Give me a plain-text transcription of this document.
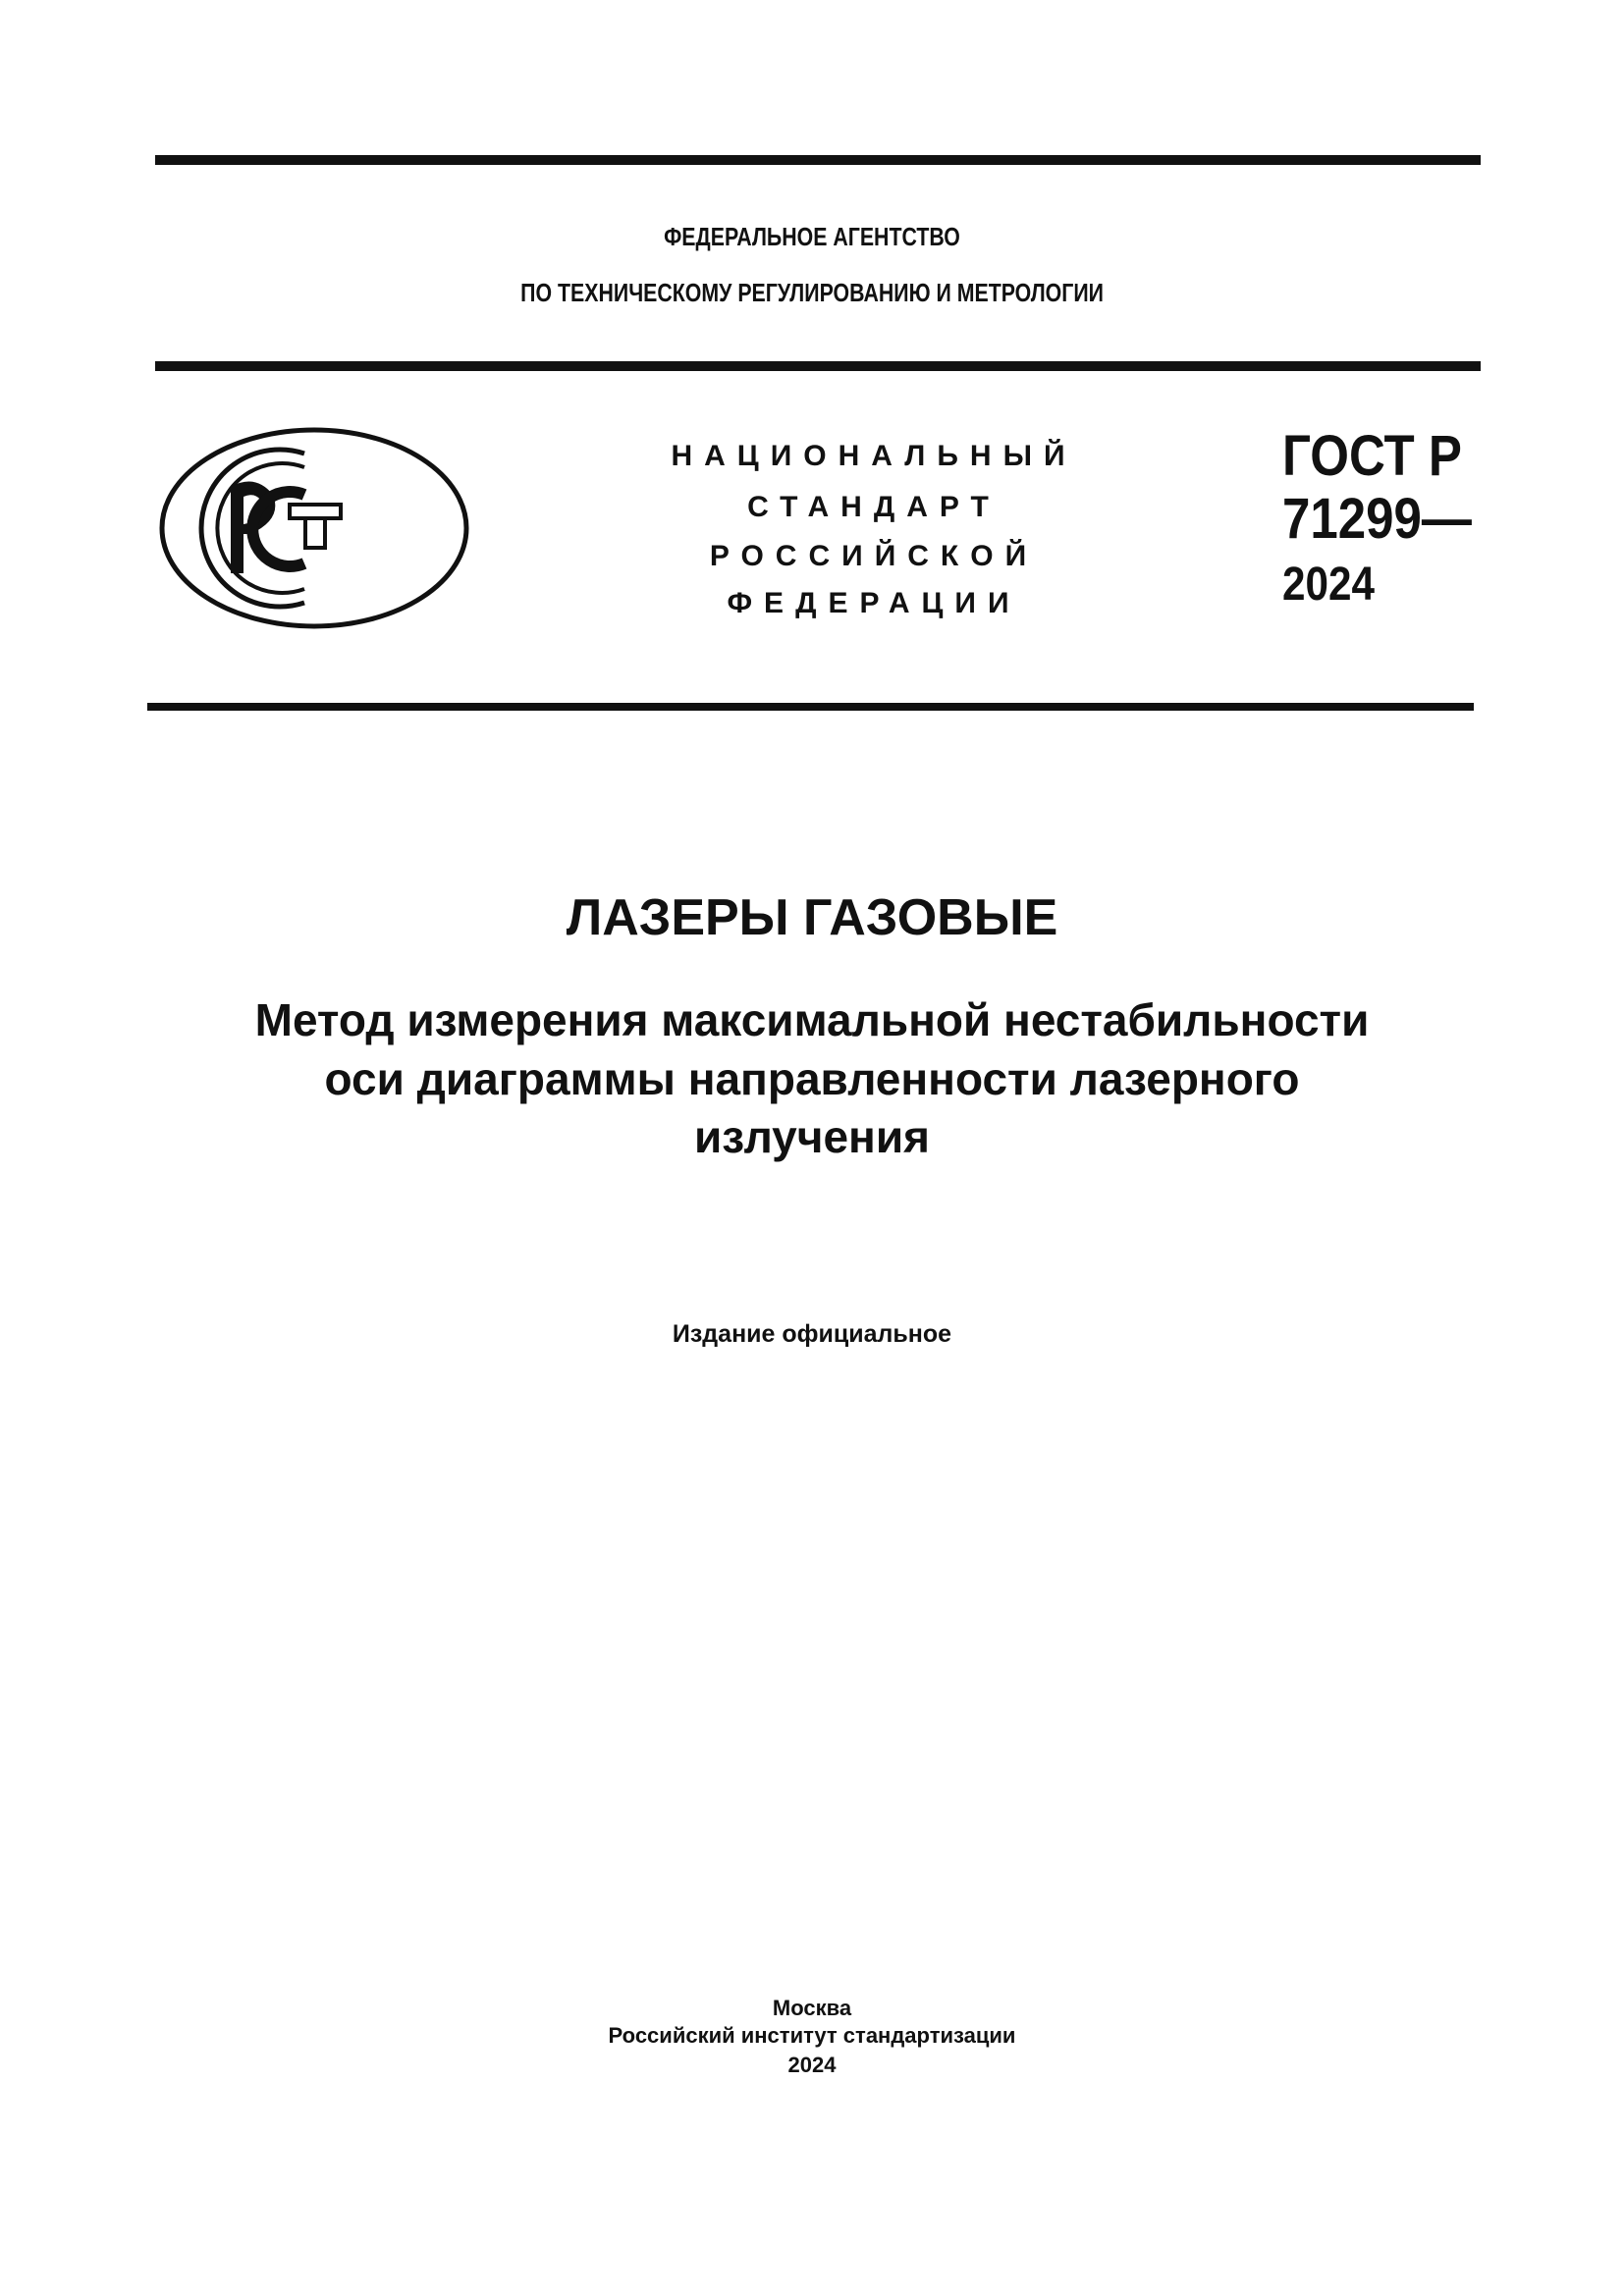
ФЕДЕРАЛЬНОЕ АГЕНТСТВО
ПО ТЕХНИЧЕСКОМУ РЕГУЛИРОВАНИЮ И МЕТРОЛОГИИ
НАЦИОНАЛЬНЫЙ
СТАНДАРТ
РОССИЙСКОЙ
ФЕДЕРАЦИИ
ГОСТ Р
71299—
2024
ЛАЗЕРЫ ГАЗОВЫЕ
Метод измерения максимальной нестабильности
оси диаграммы направленности лазерного
излучения
Издание официальное
Москва
Российский институт стандартизации
2024
